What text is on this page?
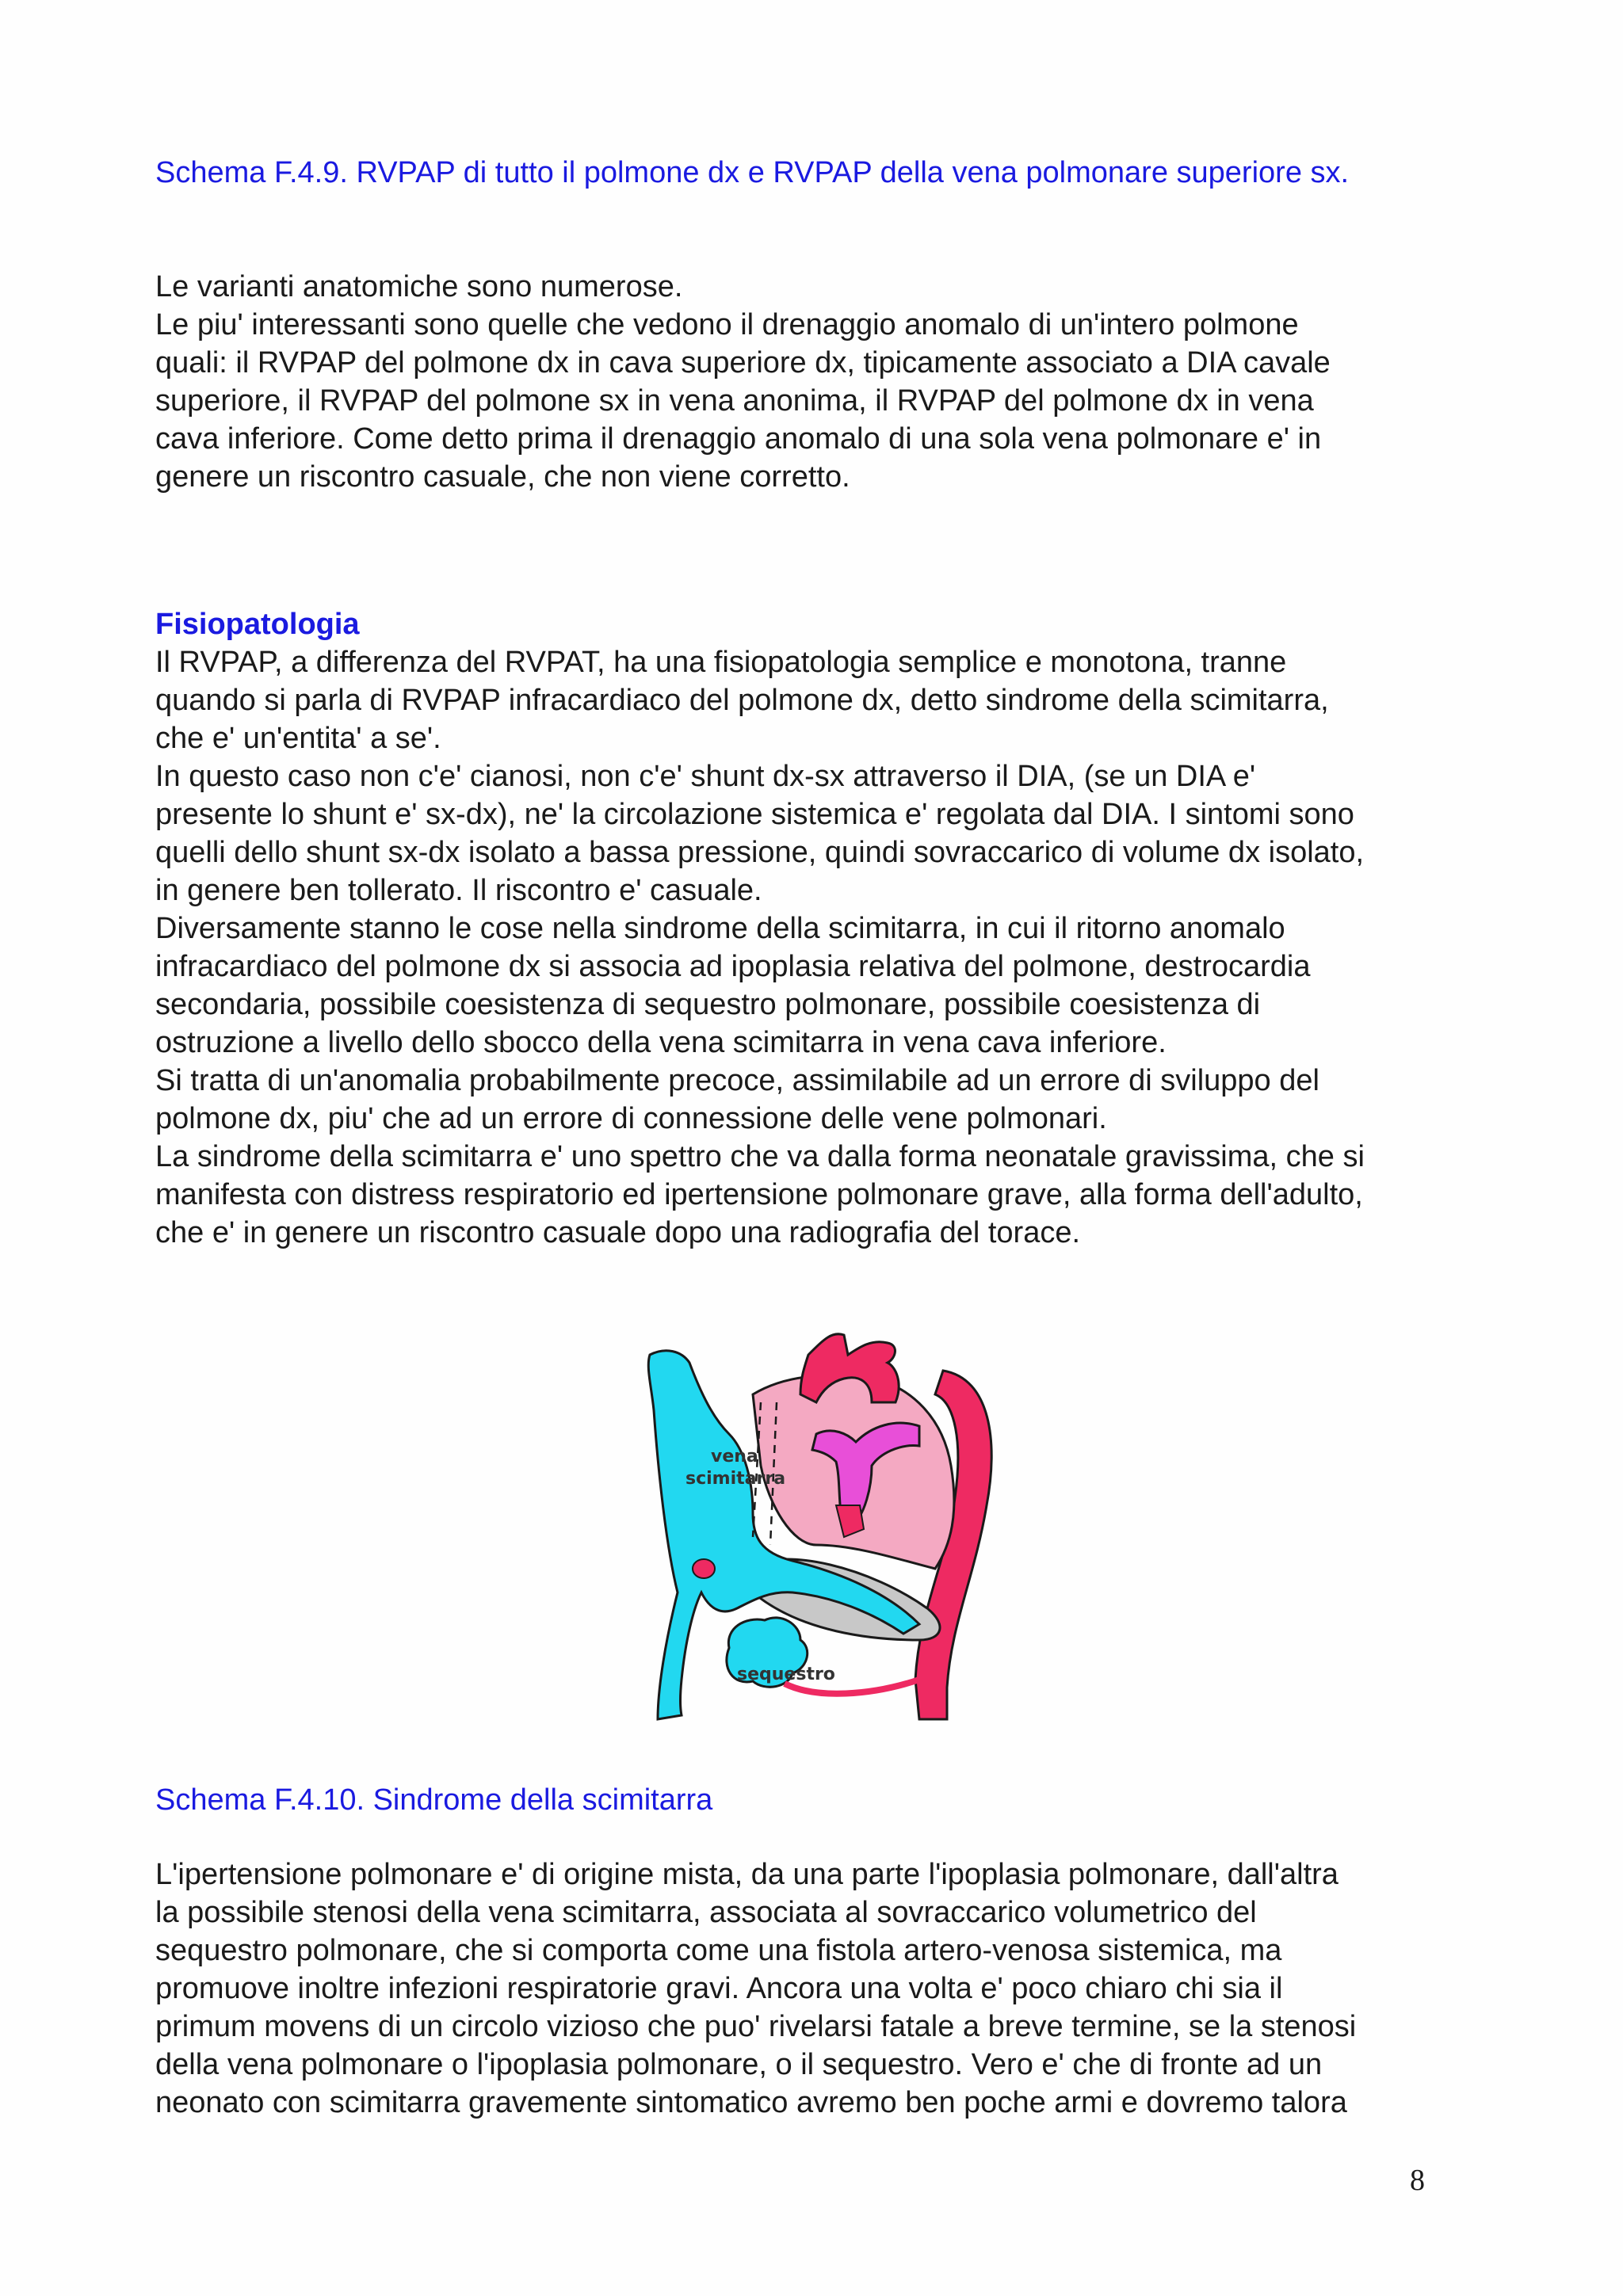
Schema F.4.9. RVPAP di tutto il polmone dx e RVPAP della vena polmonare superiore sx.
Le varianti anatomiche sono numerose.
Le piu' interessanti sono quelle che vedono il drenaggio anomalo di un'intero polmone
quali: il RVPAP del polmone dx in cava superiore dx, tipicamente associato a DIA cavale
superiore, il RVPAP del polmone sx in vena anonima, il RVPAP del polmone dx in vena
cava inferiore. Come detto prima il drenaggio anomalo di una sola vena polmonare e' in
genere un riscontro casuale, che non viene corretto.
Fisiopatologia
Il RVPAP, a differenza del RVPAT, ha una fisiopatologia semplice e monotona, tranne
quando si parla di RVPAP infracardiaco del polmone dx, detto sindrome della scimitarra,
che e' un'entita' a se'.
In questo caso non c'e' cianosi, non c'e' shunt dx-sx attraverso il DIA, (se un DIA e'
presente lo shunt e' sx-dx), ne' la circolazione sistemica e' regolata dal DIA. I sintomi sono
quelli dello shunt sx-dx isolato a bassa pressione, quindi sovraccarico di volume dx isolato,
in genere ben tollerato. Il riscontro e' casuale.
Diversamente stanno le cose nella sindrome della scimitarra, in cui il ritorno anomalo
infracardiaco del polmone dx si associa ad ipoplasia relativa del polmone, destrocardia
secondaria, possibile coesistenza di sequestro polmonare, possibile coesistenza di
ostruzione a livello dello sbocco della vena scimitarra in vena cava inferiore.
Si tratta di un'anomalia probabilmente precoce, assimilabile ad un errore di sviluppo del
polmone dx, piu' che ad un errore di connessione delle vene polmonari.
La sindrome della scimitarra e' uno spettro che va dalla forma neonatale gravissima, che si
manifesta con distress respiratorio ed ipertensione polmonare grave, alla forma dell'adulto,
che e' in genere un riscontro casuale dopo una radiografia del torace.
vena
scimitarra
sequestro
Schema F.4.10. Sindrome della scimitarra
L'ipertensione polmonare e' di origine mista, da una parte l'ipoplasia polmonare, dall'altra
la possibile stenosi della vena scimitarra, associata al sovraccarico volumetrico del
sequestro polmonare, che si comporta come una fistola artero-venosa sistemica, ma
promuove inoltre infezioni respiratorie gravi. Ancora una volta e' poco chiaro chi sia il
primum movens di un circolo vizioso che puo' rivelarsi fatale a breve termine, se la stenosi
della vena polmonare o l'ipoplasia polmonare, o il sequestro. Vero e' che di fronte ad un
neonato con scimitarra gravemente sintomatico avremo ben poche armi e dovremo talora
8
